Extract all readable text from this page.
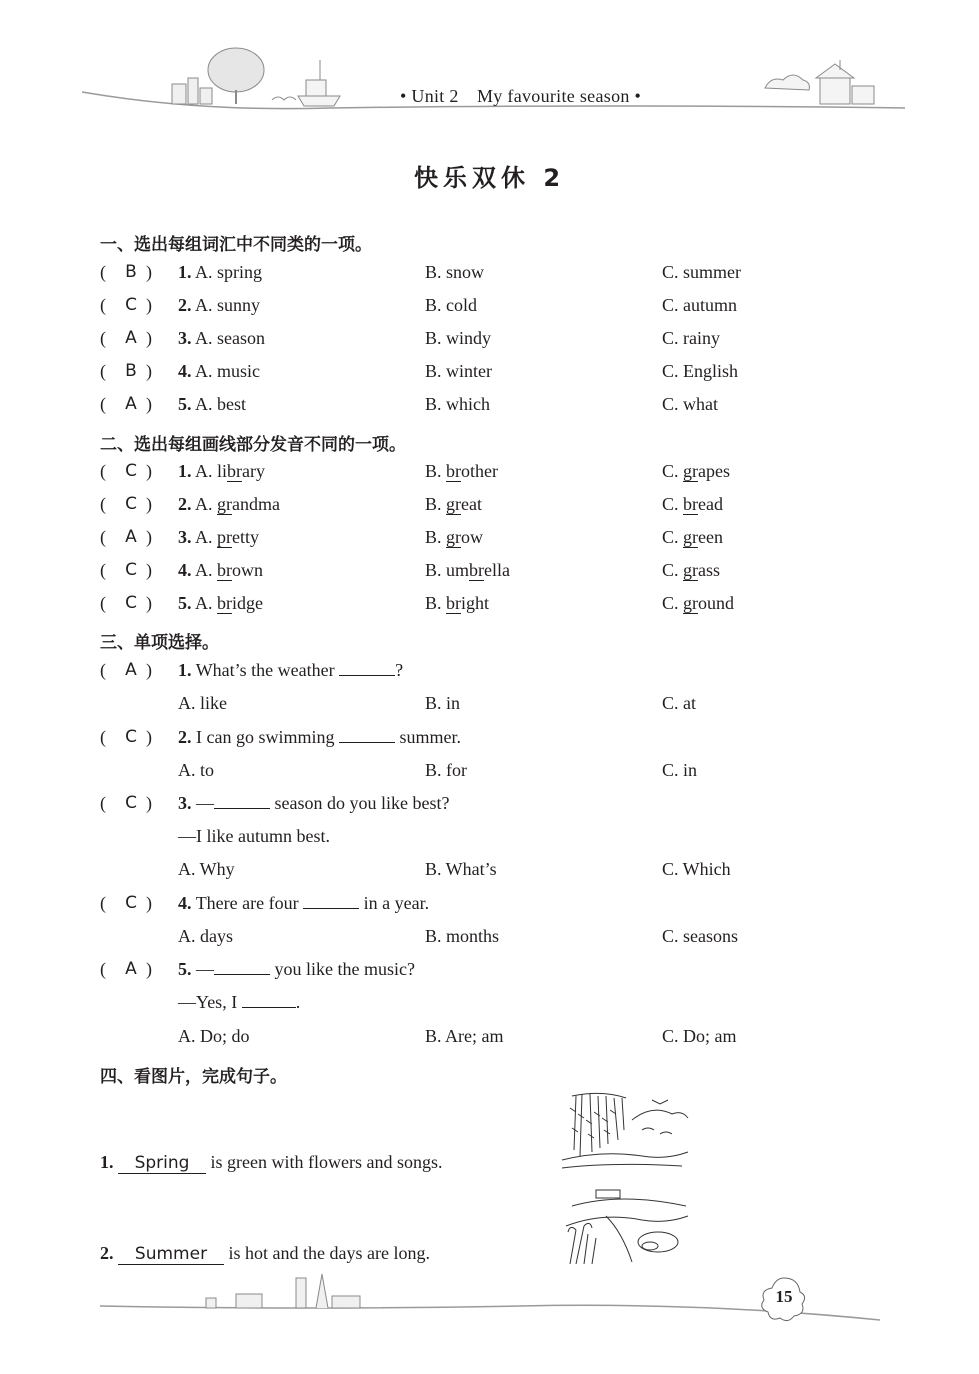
• Unit 2　My favourite season •
快乐双休 2
一、选出每组词汇中不同类的一项。
(	B ) 1. A. spring	B. snow	C. summer
( C ) 2. A. sunny	B. cold	C. autumn
(	A ) 3. A. season	B. windy	C. rainy
(	B ) 4. A. music	B. winter	C. English
(	A ) 5. A. best	B. which	C. what
二、选出每组画线部分发音不同的一项。
( C ) 1. A. library	B. brother	C. grapes
( C ) 2. A. grandma	B. great	C. bread
(	A ) 3. A. pretty	B. grow	C. green
( C ) 4. A. brown	B. umbrella	C. grass
( C ) 5. A. bridge	B. bright	C. ground
三、单项选择。
(	A ) 1. What’s the weather	?
A. like	B. in	C. at
( C ) 2. I can go swimming	summer.
A. to	B. for	C. in
( C ) 3. —	season do you like best?
—I like autumn best.
A. Why	B. What’s	C. Which
( C ) 4. There are four	in a year.
A. days	B. months	C. seasons
(	A ) 5. —	you like the music?
—Yes, I	.
A. Do; do	B. Are; am	C. Do; am
四、看图片，完成句子。
1. Spring is green with flowers and songs.
2. Summer is hot and the days are long.
15
